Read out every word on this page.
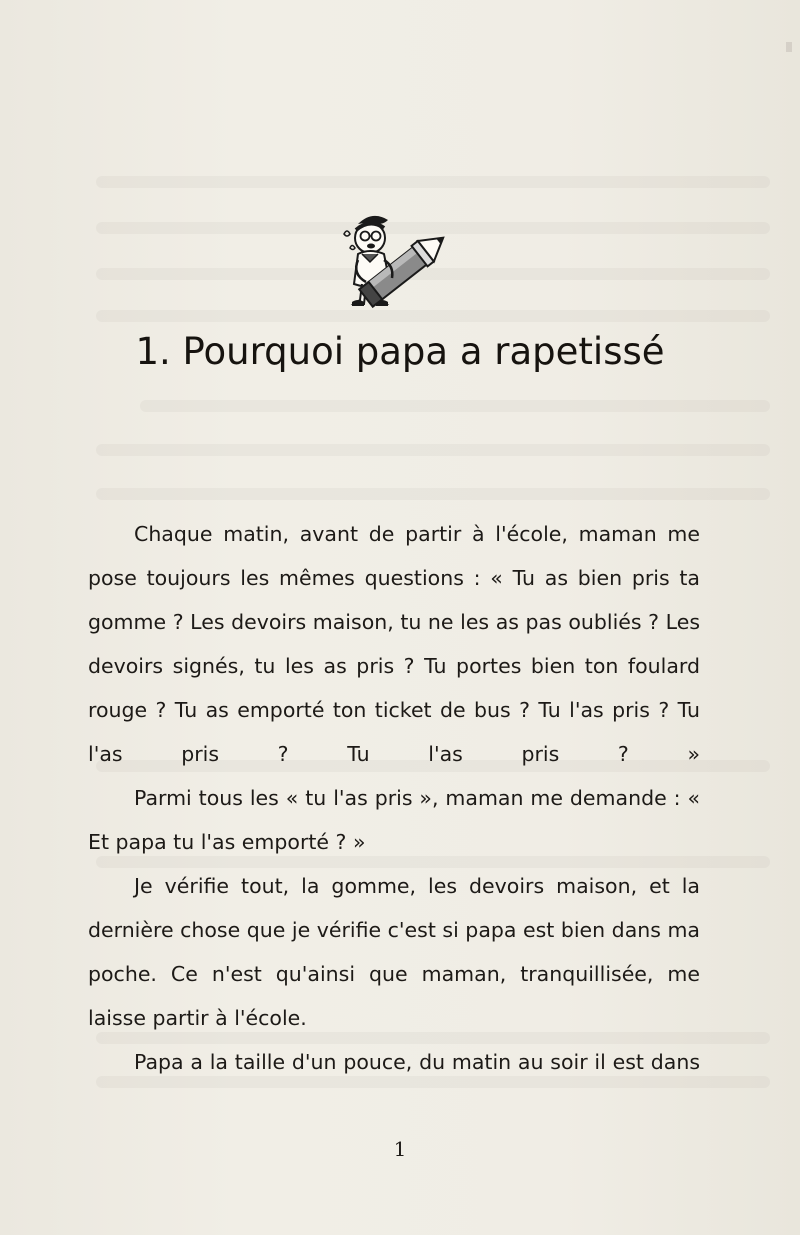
1. Pourquoi papa a rapetissé

Chaque matin, avant de partir à l'école, maman me pose toujours les mêmes questions : « Tu as bien pris ta gomme ? Les devoirs maison, tu ne les as pas oubliés ? Les devoirs signés, tu les as pris ? Tu portes bien ton foulard rouge ? Tu as emporté ton ticket de bus ? Tu l'as pris ? Tu l'as pris ? Tu l'as pris ? »

Parmi tous les « tu l'as pris », maman me demande : « Et papa tu l'as emporté ? »

Je vérifie tout, la gomme, les devoirs maison, et la dernière chose que je vérifie c'est si papa est bien dans ma poche. Ce n'est qu'ainsi que maman, tranquillisée, me laisse partir à l'école.

Papa a la taille d'un pouce, du matin au soir il est dans

1
